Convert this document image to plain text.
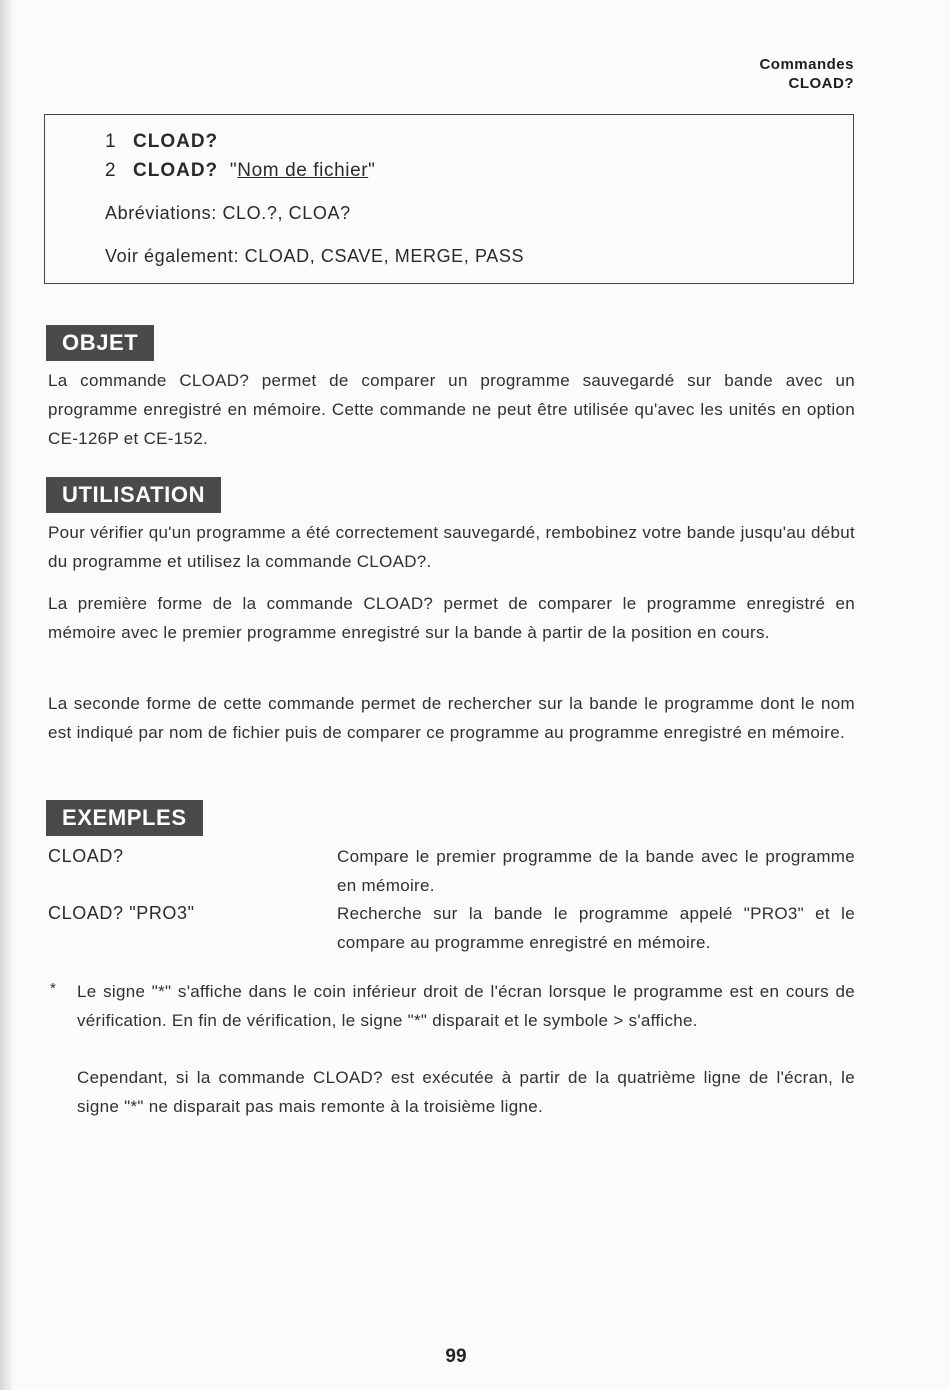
Commandes
CLOAD?
1 CLOAD?
2 CLOAD? "Nom de fichier"
Abréviations: CLO.?, CLOA?
Voir également: CLOAD, CSAVE, MERGE, PASS
OBJET
La commande CLOAD? permet de comparer un programme sauvegardé sur bande avec un programme enregistré en mémoire. Cette commande ne peut être utilisée qu'avec les unités en option CE-126P et CE-152.
UTILISATION
Pour vérifier qu'un programme a été correctement sauvegardé, rembobinez votre bande jusqu'au début du programme et utilisez la commande CLOAD?.
La première forme de la commande CLOAD? permet de comparer le programme enregistré en mémoire avec le premier programme enregistré sur la bande à partir de la position en cours.
La seconde forme de cette commande permet de rechercher sur la bande le programme dont le nom est indiqué par nom de fichier puis de comparer ce programme au programme enregistré en mémoire.
EXEMPLES
CLOAD?	Compare le premier programme de la bande avec le programme en mémoire.
CLOAD? "PRO3"	Recherche sur la bande le programme appelé "PRO3" et le compare au programme enregistré en mémoire.
* Le signe "*" s'affiche dans le coin inférieur droit de l'écran lorsque le programme est en cours de vérification. En fin de vérification, le signe "*" disparait et le symbole > s'affiche.
Cependant, si la commande CLOAD? est exécutée à partir de la quatrième ligne de l'écran, le signe "*" ne disparait pas mais remonte à la troisième ligne.
99
